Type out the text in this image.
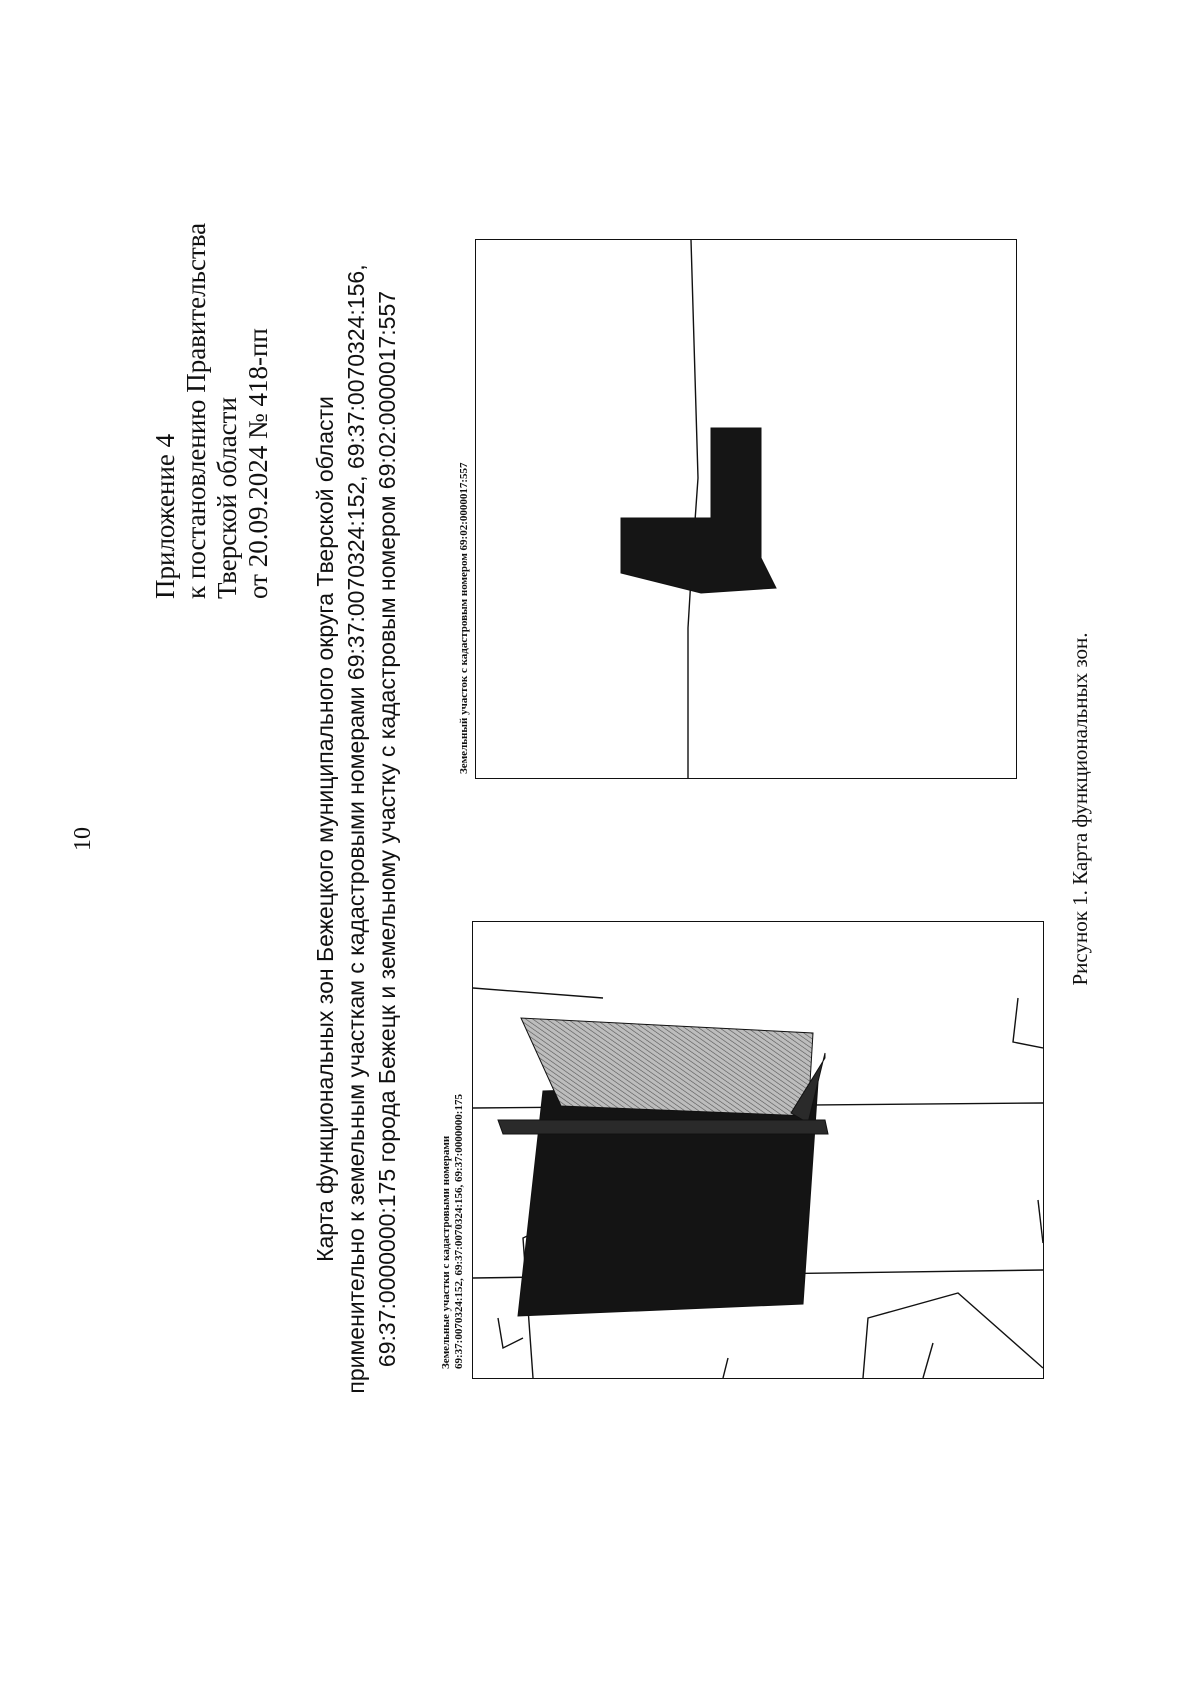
10
Приложение 4 к постановлению Правительства Тверской области от 20.09.2024 № 418-пп Карта функциональных зон Бежецкого муниципального округа Тверской области применительно к земельным участкам с кадастровыми номерами 69:37:0070324:152, 69:37:0070324:156, 69:37:0000000:175 города Бежецк и земельному участку с кадастровым номером 69:02:0000017:557	Земельные участки с кадастровыми номерами 69:37:0070324:152, 69:37:0070324:156, 69:37:0000000:175
Земельный участок с кадастровым номером 69:02:0000017:557
Рисунок 1. Карта функциональных зон.
